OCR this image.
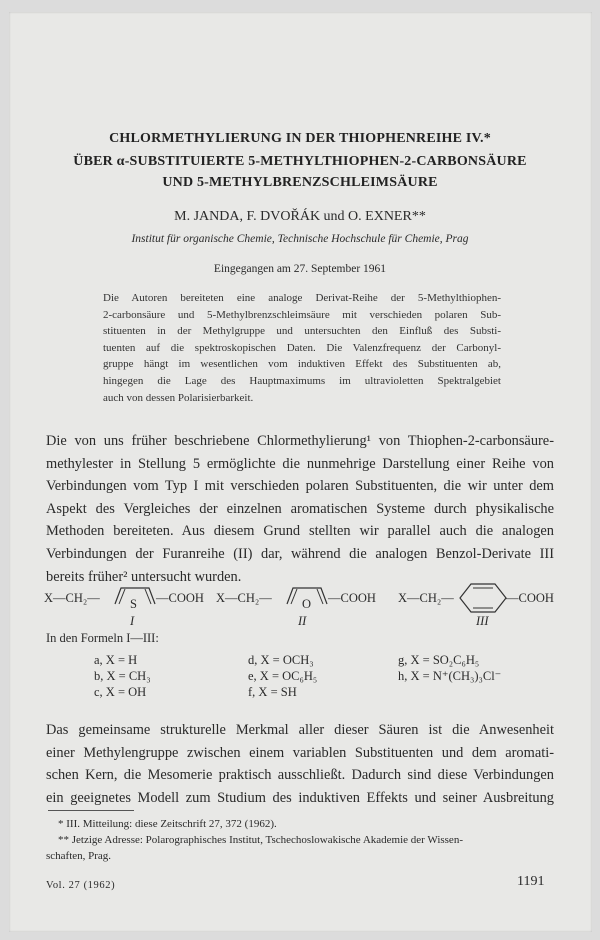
CHLORMETHYLIERUNG IN DER THIOPHENREIHE IV.*
ÜBER α-SUBSTITUIERTE 5-METHYLTHIOPHEN-2-CARBONSÄURE
UND 5-METHYLBRENZSCHLEIMSÄURE
M. JANDA, F. DVOŘÁK und O. EXNER**
Institut für organische Chemie, Technische Hochschule für Chemie, Prag
Eingegangen am 27. September 1961
Die Autoren bereiteten eine analoge Derivat-Reihe der 5-Methylthiophen-
2-carbonsäure und 5-Methylbrenzschleimsäure mit verschieden polaren Sub-
stituenten in der Methylgruppe und untersuchten den Einfluß des Substi-
tuenten auf die spektroskopischen Daten. Die Valenzfrequenz der Carbonyl-
gruppe hängt im wesentlichen vom induktiven Effekt des Substituenten ab,
hingegen die Lage des Hauptmaximums im ultravioletten Spektralgebiet
auch von dessen Polarisierbarkeit.
Die von uns früher beschriebene Chlormethylierung¹ von Thiophen-2-carbonsäure-
methylester in Stellung 5 ermöglichte die nunmehrige Darstellung einer Reihe von
Verbindungen vom Typ I mit verschieden polaren Substituenten, die wir unter dem
Aspekt des Vergleiches der einzelnen aromatischen Systeme durch physikalische
Methoden bereiteten. Aus diesem Grund stellten wir parallel auch die analogen
Verbindungen der Furanreihe (II) dar, während die analogen Benzol-Derivate III
bereits früher² untersucht wurden.
X—CH₂— S —COOH
I
X—CH₂— O —COOH
II
X—CH₂—	—COOH
III
In den Formeln I—III:
a, X = H
b, X = CH₃
c, X = OH
d, X = OCH₃
e, X = OC₆H₅
f, X = SH
g, X = SO₂C₆H₅
h, X = N⁺(CH₃)₃Cl⁻
Das gemeinsame strukturelle Merkmal aller dieser Säuren ist die Anwesenheit
einer Methylengruppe zwischen einem variablen Substituenten und dem aromati-
schen Kern, die Mesomerie praktisch ausschließt. Dadurch sind diese Verbindungen
ein geeignetes Modell zum Studium des induktiven Effekts und seiner Ausbreitung
* III. Mitteilung: diese Zeitschrift 27, 372 (1962).
** Jetzige Adresse: Polarographisches Institut, Tschechoslowakische Akademie der Wissen-
schaften, Prag.
Vol. 27 (1962)	1191
